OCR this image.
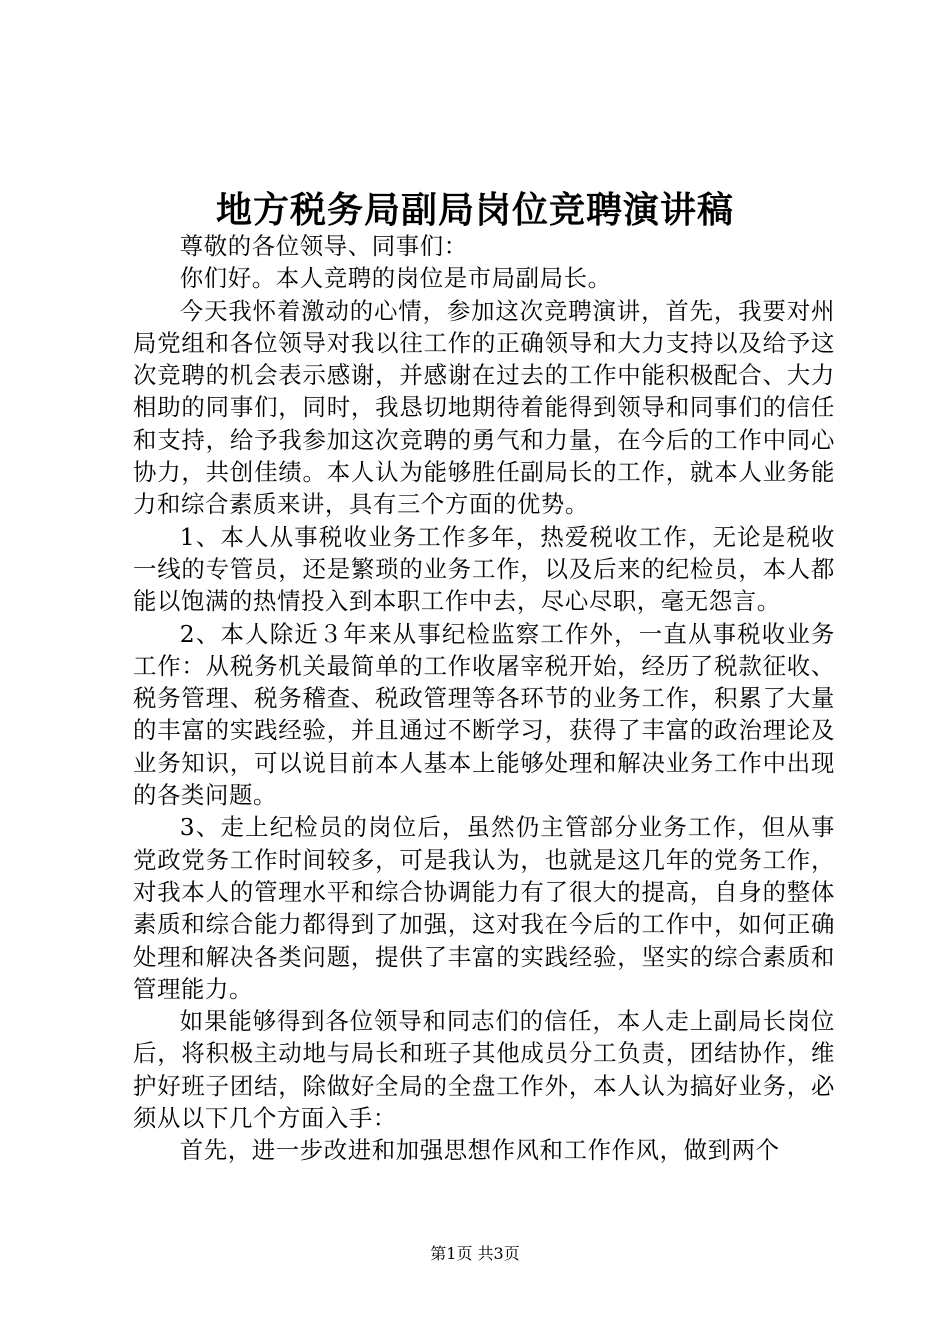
地方税务局副局岗位竞聘演讲稿

尊敬的各位领导、同事们：

你们好。本人竞聘的岗位是市局副局长。

今天我怀着激动的心情，参加这次竞聘演讲，首先，我要对州局党组和各位领导对我以往工作的正确领导和大力支持以及给予这次竞聘的机会表示感谢，并感谢在过去的工作中能积极配合、大力相助的同事们，同时，我恳切地期待着能得到领导和同事们的信任和支持，给予我参加这次竞聘的勇气和力量，在今后的工作中同心协力，共创佳绩。本人认为能够胜任副局长的工作，就本人业务能力和综合素质来讲，具有三个方面的优势。

1、本人从事税收业务工作多年，热爱税收工作，无论是税收一线的专管员，还是繁琐的业务工作，以及后来的纪检员，本人都能以饱满的热情投入到本职工作中去，尽心尽职，毫无怨言。

2、本人除近３年来从事纪检监察工作外，一直从事税收业务工作：从税务机关最简单的工作收屠宰税开始，经历了税款征收、税务管理、税务稽查、税政管理等各环节的业务工作，积累了大量的丰富的实践经验，并且通过不断学习，获得了丰富的政治理论及业务知识，可以说目前本人基本上能够处理和解决业务工作中出现的各类问题。

3、走上纪检员的岗位后，虽然仍主管部分业务工作，但从事党政党务工作时间较多，可是我认为，也就是这几年的党务工作，对我本人的管理水平和综合协调能力有了很大的提高，自身的整体素质和综合能力都得到了加强，这对我在今后的工作中，如何正确处理和解决各类问题，提供了丰富的实践经验，坚实的综合素质和管理能力。

如果能够得到各位领导和同志们的信任，本人走上副局长岗位后，将积极主动地与局长和班子其他成员分工负责，团结协作，维护好班子团结，除做好全局的全盘工作外，本人认为搞好业务，必须从以下几个方面入手：

首先，进一步改进和加强思想作风和工作作风，做到两个

第1页 共3页
